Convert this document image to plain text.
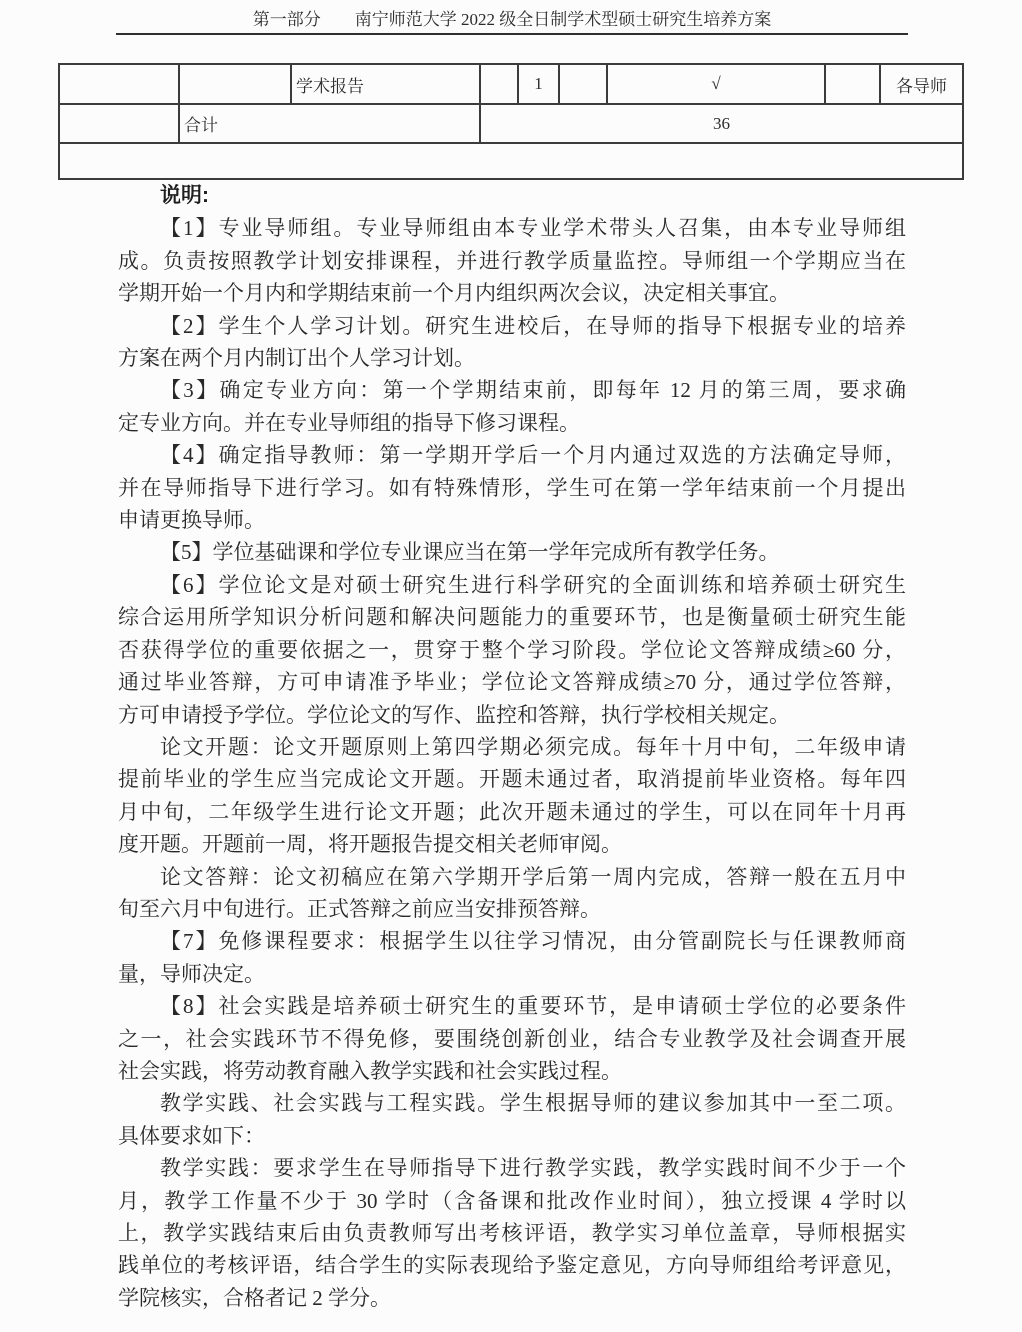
第一部分　　南宁师范大学 2022 级全日制学术型硕士研究生培养方案
		学术报告		1		√		各导师
	合计		36					

说明:
【1】专业导师组。专业导师组由本专业学术带头人召集，由本专业导师组
成。负责按照教学计划安排课程，并进行教学质量监控。导师组一个学期应当在
学期开始一个月内和学期结束前一个月内组织两次会议，决定相关事宜。
【2】学生个人学习计划。研究生进校后，在导师的指导下根据专业的培养
方案在两个月内制订出个人学习计划。
【3】确定专业方向：第一个学期结束前，即每年 12 月的第三周，要求确
定专业方向。并在专业导师组的指导下修习课程。
【4】确定指导教师：第一学期开学后一个月内通过双选的方法确定导师，
并在导师指导下进行学习。如有特殊情形，学生可在第一学年结束前一个月提出
申请更换导师。
【5】学位基础课和学位专业课应当在第一学年完成所有教学任务。
【6】学位论文是对硕士研究生进行科学研究的全面训练和培养硕士研究生
综合运用所学知识分析问题和解决问题能力的重要环节，也是衡量硕士研究生能
否获得学位的重要依据之一，贯穿于整个学习阶段。学位论文答辩成绩≥60 分，
通过毕业答辩，方可申请准予毕业；学位论文答辩成绩≥70 分，通过学位答辩，
方可申请授予学位。学位论文的写作、监控和答辩，执行学校相关规定。
论文开题：论文开题原则上第四学期必须完成。每年十月中旬，二年级申请
提前毕业的学生应当完成论文开题。开题未通过者，取消提前毕业资格。每年四
月中旬，二年级学生进行论文开题；此次开题未通过的学生，可以在同年十月再
度开题。开题前一周，将开题报告提交相关老师审阅。
论文答辩：论文初稿应在第六学期开学后第一周内完成，答辩一般在五月中
旬至六月中旬进行。正式答辩之前应当安排预答辩。
【7】免修课程要求：根据学生以往学习情况，由分管副院长与任课教师商
量，导师决定。
【8】社会实践是培养硕士研究生的重要环节，是申请硕士学位的必要条件
之一，社会实践环节不得免修，要围绕创新创业，结合专业教学及社会调查开展
社会实践，将劳动教育融入教学实践和社会实践过程。
教学实践、社会实践与工程实践。学生根据导师的建议参加其中一至二项。
具体要求如下：
教学实践：要求学生在导师指导下进行教学实践，教学实践时间不少于一个
月，教学工作量不少于 30 学时（含备课和批改作业时间），独立授课 4 学时以
上，教学实践结束后由负责教师写出考核评语，教学实习单位盖章，导师根据实
践单位的考核评语，结合学生的实际表现给予鉴定意见，方向导师组给考评意见，
学院核实，合格者记 2 学分。
